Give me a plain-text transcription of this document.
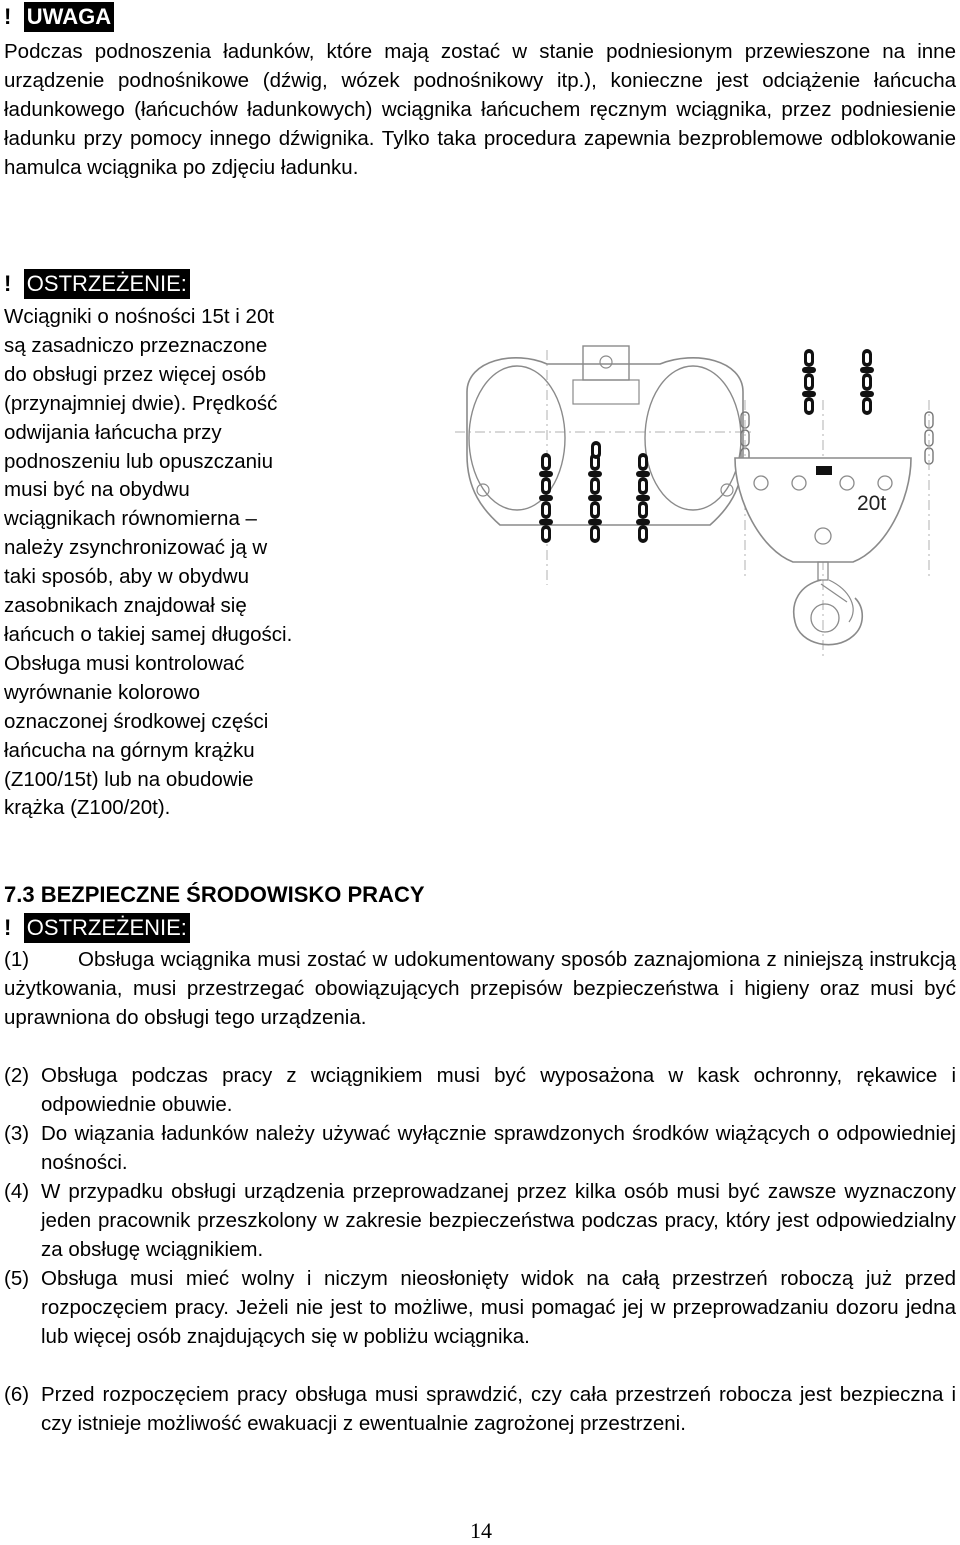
! UWAGA
Podczas podnoszenia ładunków, które mają zostać w stanie podniesionym przewieszone na inne urządzenie podnośnikowe (dźwig, wózek podnośnikowy itp.), konieczne jest odciążenie łańcucha ładunkowego (łańcuchów ładunkowych) wciągnika łańcuchem ręcznym wciągnika, przez podniesienie ładunku przy pomocy innego dźwignika. Tylko taka procedura zapewnia bezproblemowe odblokowanie hamulca wciągnika po zdjęciu ładunku.
! OSTRZEŻENIE:
Wciągniki o nośności 15t i 20t
są zasadniczo przeznaczone
do obsługi przez więcej osób
(przynajmniej dwie). Prędkość
odwijania łańcucha przy
podnoszeniu lub opuszczaniu
musi być na obydwu
wciągnikach równomierna –
należy zsynchronizować ją w
taki sposób, aby w obydwu
zasobnikach znajdował się
łańcuch o takiej samej długości.
Obsługa musi kontrolować
wyrównanie kolorowo
oznaczonej środkowej części
łańcucha na górnym krążku
(Z100/15t) lub na obudowie
krążka (Z100/20t).
20t
7.3 BEZPIECZNE ŚRODOWISKO PRACY
! OSTRZEŻENIE:
(1)	Obsługa wciągnika musi zostać w udokumentowany sposób zaznajomiona z niniejszą instrukcją użytkowania, musi przestrzegać obowiązujących przepisów bezpieczeństwa i higieny oraz musi być uprawniona do obsługi tego urządzenia.
(2) Obsługa podczas pracy z wciągnikiem musi być wyposażona w kask ochronny, rękawice i odpowiednie obuwie.
(3) Do wiązania ładunków należy używać wyłącznie sprawdzonych środków wiążących o odpowiedniej nośności.
(4) W przypadku obsługi urządzenia przeprowadzanej przez kilka osób musi być zawsze wyznaczony jeden pracownik przeszkolony w zakresie bezpieczeństwa podczas pracy, który jest odpowiedzialny za obsługę wciągnikiem.
(5) Obsługa musi mieć wolny i niczym nieosłonięty widok na całą przestrzeń roboczą już przed rozpoczęciem pracy. Jeżeli nie jest to możliwe, musi pomagać jej w przeprowadzaniu dozoru jedna lub więcej osób znajdujących się w pobliżu wciągnika.
(6) Przed rozpoczęciem pracy obsługa musi sprawdzić, czy cała przestrzeń robocza jest bezpieczna i czy istnieje możliwość ewakuacji z ewentualnie zagrożonej przestrzeni.
14
